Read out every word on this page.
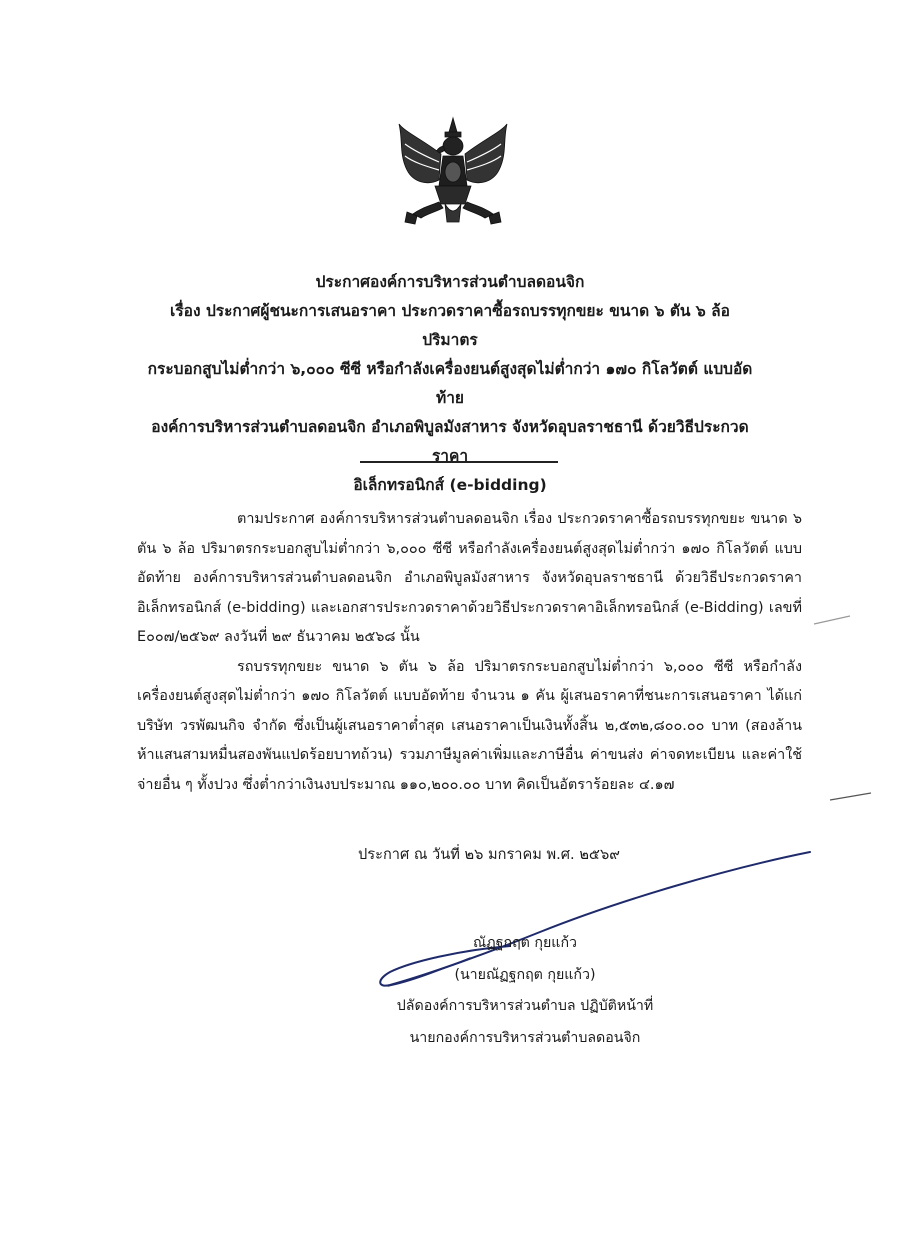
ประกาศองค์การบริหารส่วนตำบลดอนจิก
เรื่อง ประกาศผู้ชนะการเสนอราคา ประกวดราคาซื้อรถบรรทุกขยะ ขนาด ๖ ตัน ๖ ล้อ ปริมาตร
กระบอกสูบไม่ต่ำกว่า ๖,๐๐๐ ซีซี หรือกำลังเครื่องยนต์สูงสุดไม่ต่ำกว่า ๑๗๐ กิโลวัตต์ แบบอัดท้าย
องค์การบริหารส่วนตำบลดอนจิก อำเภอพิบูลมังสาหาร จังหวัดอุบลราชธานี ด้วยวิธีประกวดราคา
อิเล็กทรอนิกส์ (e-bidding)

ตามประกาศ องค์การบริหารส่วนตำบลดอนจิก เรื่อง ประกวดราคาซื้อรถบรรทุกขยะ ขนาด ๖ ตัน ๖ ล้อ ปริมาตรกระบอกสูบไม่ต่ำกว่า ๖,๐๐๐ ซีซี หรือกำลังเครื่องยนต์สูงสุดไม่ต่ำกว่า ๑๗๐ กิโลวัตต์ แบบอัดท้าย องค์การบริหารส่วนตำบลดอนจิก อำเภอพิบูลมังสาหาร จังหวัดอุบลราชธานี ด้วยวิธีประกวดราคาอิเล็กทรอนิกส์ (e-bidding) และเอกสารประกวดราคาด้วยวิธีประกวดราคาอิเล็กทรอนิกส์ (e-Bidding) เลขที่ E๐๐๗/๒๕๖๙ ลงวันที่ ๒๙ ธันวาคม ๒๕๖๘ นั้น

รถบรรทุกขยะ ขนาด ๖ ตัน ๖ ล้อ ปริมาตรกระบอกสูบไม่ต่ำกว่า ๖,๐๐๐ ซีซี หรือกำลังเครื่องยนต์สูงสุดไม่ต่ำกว่า ๑๗๐ กิโลวัตต์ แบบอัดท้าย จำนวน ๑ คัน ผู้เสนอราคาที่ชนะการเสนอราคา ได้แก่ บริษัท วรพัฒนกิจ จำกัด ซึ่งเป็นผู้เสนอราคาต่ำสุด เสนอราคาเป็นเงินทั้งสิ้น ๒,๕๓๒,๘๐๐.๐๐ บาท (สองล้านห้าแสนสามหมื่นสองพันแปดร้อยบาทถ้วน) รวมภาษีมูลค่าเพิ่มและภาษีอื่น ค่าขนส่ง ค่าจดทะเบียน และค่าใช้จ่ายอื่น ๆ ทั้งปวง ซึ่งต่ำกว่าเงินงบประมาณ ๑๑๐,๒๐๐.๐๐ บาท คิดเป็นอัตราร้อยละ ๔.๑๗

ประกาศ ณ วันที่ ๒๖ มกราคม พ.ศ. ๒๕๖๙
ณัฏฐกฤต กุยแก้ว
(นายณัฏฐกฤต กุยแก้ว)
ปลัดองค์การบริหารส่วนตำบล ปฏิบัติหน้าที่
นายกองค์การบริหารส่วนตำบลดอนจิก
